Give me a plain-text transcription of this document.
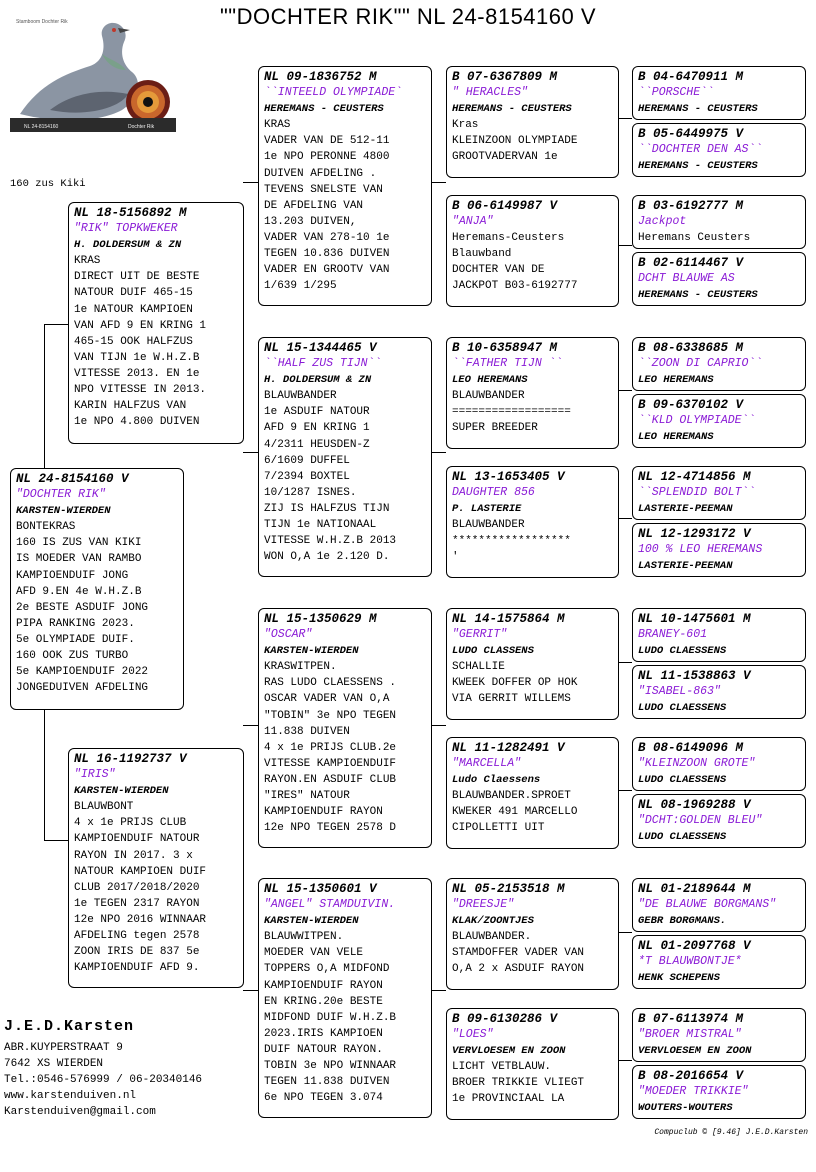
""DOCHTER RIK"" NL 24-8154160 V
Stamboom Dochter Rik
NL 24-8154160	Dochter Rik
160 zus Kiki
NL 24-8154160 V
"DOCHTER RIK"
KARSTEN-WIERDEN
BONTEKRAS
160 IS ZUS VAN KIKI
IS MOEDER VAN RAMBO
KAMPIOENDUIF JONG
AFD 9.EN 4e W.H.Z.B
2e BESTE ASDUIF JONG
PIPA RANKING 2023.
5e OLYMPIADE DUIF.
160 OOK ZUS TURBO
5e KAMPIOENDUIF 2022
JONGEDUIVEN AFDELING
NL 18-5156892 M
"RIK" TOPKWEKER
H. DOLDERSUM & ZN
KRAS
DIRECT UIT DE BESTE
NATOUR DUIF 465-15
1e NATOUR KAMPIOEN
VAN AFD 9 EN KRING 1
465-15 OOK HALFZUS
VAN TIJN 1e W.H.Z.B
VITESSE 2013. EN 1e
NPO VITESSE IN 2013.
KARIN HALFZUS VAN
1e NPO 4.800 DUIVEN
NL 16-1192737 V
"IRIS"
KARSTEN-WIERDEN
BLAUWBONT
4 x 1e PRIJS CLUB
KAMPIOENDUIF NATOUR
RAYON IN 2017. 3 x
NATOUR KAMPIOEN DUIF
CLUB 2017/2018/2020
1e TEGEN 2317 RAYON
12e NPO 2016 WINNAAR
AFDELING tegen 2578
ZOON IRIS DE 837 5e
KAMPIOENDUIF AFD 9.
NL 09-1836752 M
``INTEELD OLYMPIADE`
HEREMANS - CEUSTERS
KRAS
VADER VAN DE 512-11
1e NPO PERONNE 4800
DUIVEN AFDELING .
TEVENS SNELSTE VAN
DE AFDELING VAN
13.203 DUIVEN,
VADER VAN 278-10 1e
TEGEN 10.836 DUIVEN
VADER EN GROOTV VAN
1/639 1/295
NL 15-1344465 V
``HALF ZUS TIJN``
H. DOLDERSUM & ZN
BLAUWBANDER
1e ASDUIF NATOUR
AFD 9 EN KRING 1
4/2311 HEUSDEN-Z
6/1609 DUFFEL
7/2394 BOXTEL
10/1287 ISNES.
ZIJ IS HALFZUS TIJN
TIJN 1e NATIONAAL
VITESSE W.H.Z.B 2013
WON O,A 1e 2.120 D.
NL 15-1350629 M
"OSCAR"
KARSTEN-WIERDEN
KRASWITPEN.
RAS LUDO CLAESSENS .
OSCAR VADER VAN O,A
"TOBIN" 3e NPO TEGEN
11.838 DUIVEN
4 x 1e PRIJS CLUB.2e
VITESSE KAMPIOENDUIF
RAYON.EN ASDUIF CLUB
"IRES" NATOUR
KAMPIOENDUIF RAYON
12e NPO TEGEN 2578 D
NL 15-1350601 V
"ANGEL" STAMDUIVIN.
KARSTEN-WIERDEN
BLAUWWITPEN.
MOEDER VAN VELE
TOPPERS O,A MIDFOND
KAMPIOENDUIF RAYON
EN KRING.20e BESTE
MIDFOND DUIF W.H.Z.B
2023.IRIS KAMPIOEN
DUIF NATOUR RAYON.
TOBIN 3e NPO WINNAAR
TEGEN 11.838 DUIVEN
6e NPO TEGEN 3.074
B 07-6367809 M
" HERACLES"
HEREMANS - CEUSTERS
Kras
KLEINZOON OLYMPIADE
GROOTVADERVAN 1e
B 06-6149987 V
"ANJA"
Heremans-Ceusters
Blauwband
DOCHTER VAN DE
JACKPOT B03-6192777
B 10-6358947 M
``FATHER TIJN ``
LEO HEREMANS
BLAUWBANDER
==================
SUPER BREEDER
NL 13-1653405 V
DAUGHTER 856
P. LASTERIE
BLAUWBANDER
******************
'
NL 14-1575864 M
"GERRIT"
LUDO CLASSENS
SCHALLIE
KWEEK DOFFER OP HOK
VIA GERRIT WILLEMS
NL 11-1282491 V
"MARCELLA"
Ludo Claessens
BLAUWBANDER.SPROET
KWEKER 491 MARCELLO
CIPOLLETTI UIT
NL 05-2153518 M
"DREESJE"
KLAK/ZOONTJES
BLAUWBANDER.
STAMDOFFER VADER VAN
O,A 2 x ASDUIF RAYON
B 09-6130286 V
"LOES"
VERVLOESEM EN ZOON
LICHT VETBLAUW.
BROER TRIKKIE VLIEGT
1e PROVINCIAAL LA
B 04-6470911 M
``PORSCHE``
HEREMANS - CEUSTERS
B 05-6449975 V
``DOCHTER DEN AS``
HEREMANS - CEUSTERS
B 03-6192777 M
Jackpot
Heremans Ceusters
B 02-6114467 V
DCHT BLAUWE AS
HEREMANS - CEUSTERS
B 08-6338685 M
``ZOON DI CAPRIO``
LEO HEREMANS
B 09-6370102 V
``KLD OLYMPIADE``
LEO HEREMANS
NL 12-4714856 M
``SPLENDID BOLT``
LASTERIE-PEEMAN
NL 12-1293172 V
100 % LEO HEREMANS
LASTERIE-PEEMAN
NL 10-1475601 M
BRANEY-601
LUDO CLAESSENS
NL 11-1538863 V
"ISABEL-863"
LUDO CLAESSENS
B 08-6149096 M
"KLEINZOON GROTE"
LUDO CLAESSENS
NL 08-1969288 V
"DCHT:GOLDEN BLEU"
LUDO CLAESSENS
NL 01-2189644 M
"DE BLAUWE BORGMANS"
GEBR BORGMANS.
NL 01-2097768 V
*T BLAUWBONTJE*
HENK SCHEPENS
B 07-6113974 M
"BROER MISTRAL"
VERVLOESEM EN ZOON
B 08-2016654 V
"MOEDER TRIKKIE"
WOUTERS-WOUTERS
J.E.D.Karsten
ABR.KUYPERSTRAAT 9
7642 XS WIERDEN
Tel.:0546-576999 / 06-20340146
www.karstenduiven.nl
Karstenduiven@gmail.com
Compuclub © [9.46] J.E.D.Karsten
